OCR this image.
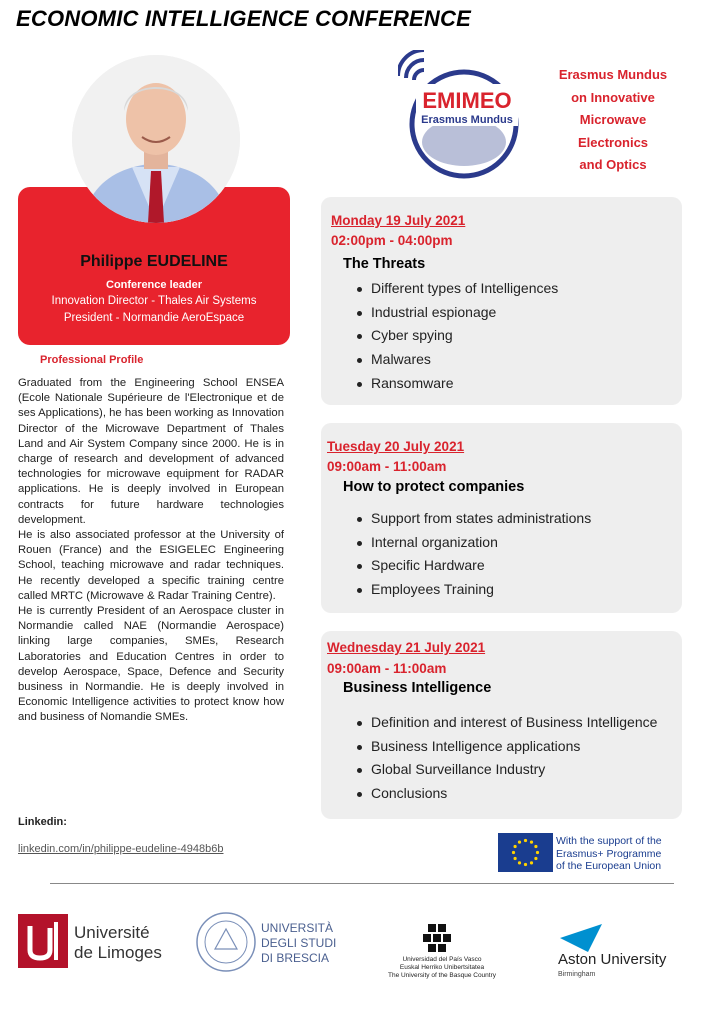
ECONOMIC INTELLIGENCE CONFERENCE
Philippe EUDELINE
Conference leader
Innovation Director - Thales Air Systems
President - Normandie AeroEspace
Professional Profile

Graduated from the Engineering School ENSEA (Ecole Nationale Supérieure de l'Electronique et de ses Applications), he has been working as Innovation Director of the Microwave Department of Thales Land and Air System Company since 2000. He is in charge of research and development of advanced technologies for microwave equipment for RADAR applications. He is deeply involved in European contracts for future hardware technologies development.

He is also associated professor at the University of Rouen (France) and the ESIGELEC Engineering School, teaching microwave and radar techniques. He recently developed a specific training centre called MRTC (Microwave & Radar Training Centre).

He is currently President of an Aerospace cluster in Normandie called NAE (Normandie Aerospace) linking large companies, SMEs, Research Laboratories and Education Centres in order to develop Aerospace, Space, Defence and Security business in Normandie. He is deeply involved in Economic Intelligence activities to protect know how and business of Nomandie SMEs.

Linkedin:
linkedin.com/in/philippe-eudeline-4948b6b
EMIMEO
Erasmus Mundus
Erasmus Mundus
on Innovative
Microwave
Electronics
and Optics
Monday 19 July 2021
02:00pm - 04:00pm
The Threats
Different types of Intelligences
Industrial espionage
Cyber spying
Malwares
Ransomware
Tuesday 20 July 2021
09:00am - 11:00am
How to protect companies
Support from states administrations
Internal organization
Specific Hardware
Employees Training
Wednesday 21 July 2021
09:00am - 11:00am
Business Intelligence
Definition and interest of Business Intelligence
Business Intelligence applications
Global Surveillance Industry
Conclusions
With the support of the
Erasmus+ Programme
of the European Union
Université
de Limoges
UNIVERSITÀ
DEGLI STUDI
DI BRESCIA	Universidad del País Vasco
Euskal Herriko Unibertsitatea
The University of the Basque Country
Aston University
Birmingham
